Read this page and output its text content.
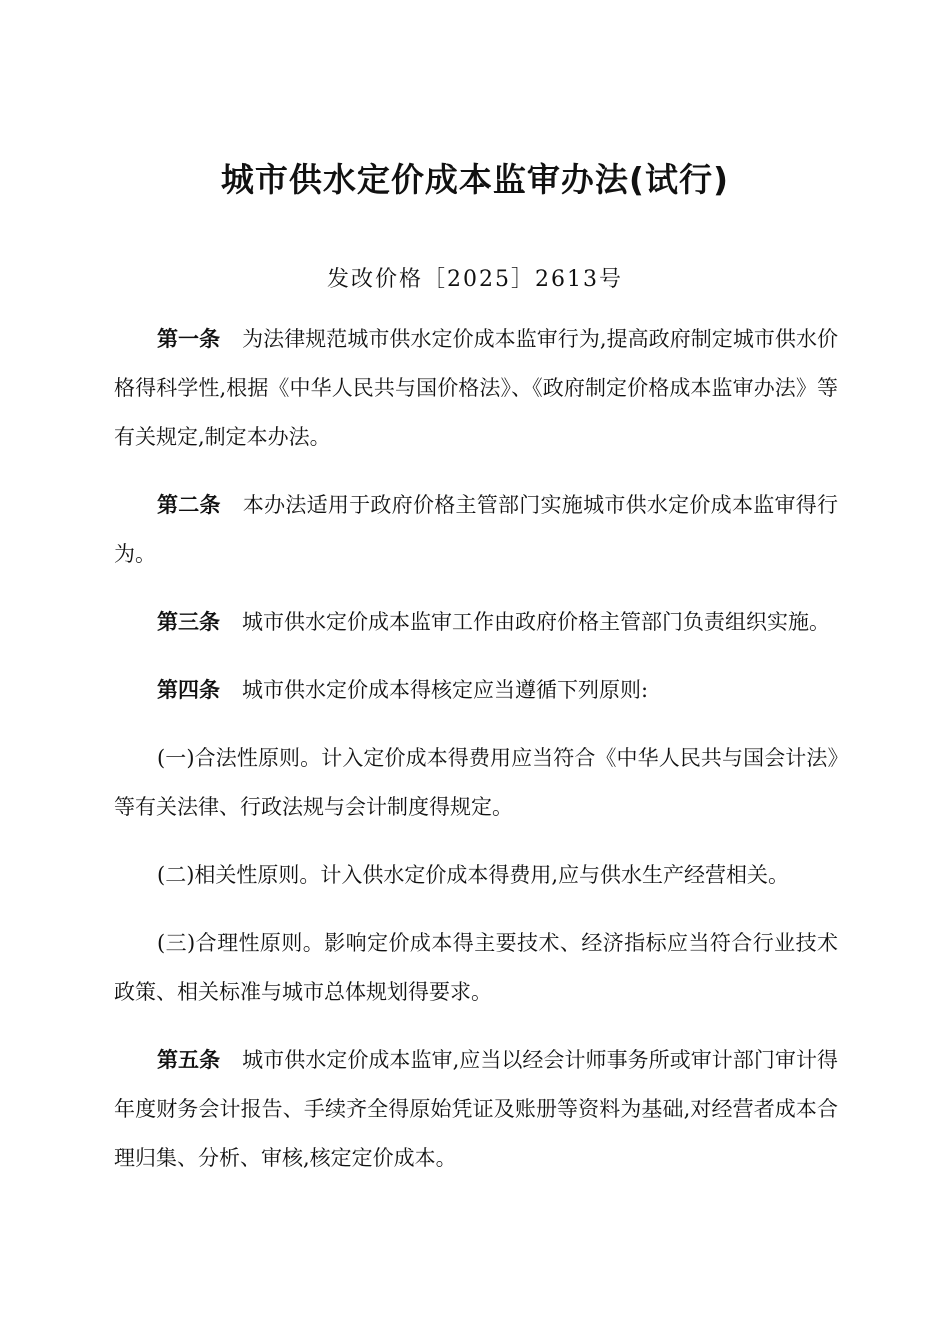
城市供水定价成本监审办法(试行)
发改价格［2025］2613号

第一条 为法律规范城市供水定价成本监审行为,提高政府制定城市供水价格得科学性,根据《中华人民共与国价格法》、《政府制定价格成本监审办法》等有关规定,制定本办法。

第二条 本办法适用于政府价格主管部门实施城市供水定价成本监审得行为。

第三条 城市供水定价成本监审工作由政府价格主管部门负责组织实施。

第四条 城市供水定价成本得核定应当遵循下列原则:

(一)合法性原则。计入定价成本得费用应当符合《中华人民共与国会计法》等有关法律、行政法规与会计制度得规定。

(二)相关性原则。计入供水定价成本得费用,应与供水生产经营相关。

(三)合理性原则。影响定价成本得主要技术、经济指标应当符合行业技术政策、相关标准与城市总体规划得要求。

第五条 城市供水定价成本监审,应当以经会计师事务所或审计部门审计得年度财务会计报告、手续齐全得原始凭证及账册等资料为基础,对经营者成本合理归集、分析、审核,核定定价成本。
